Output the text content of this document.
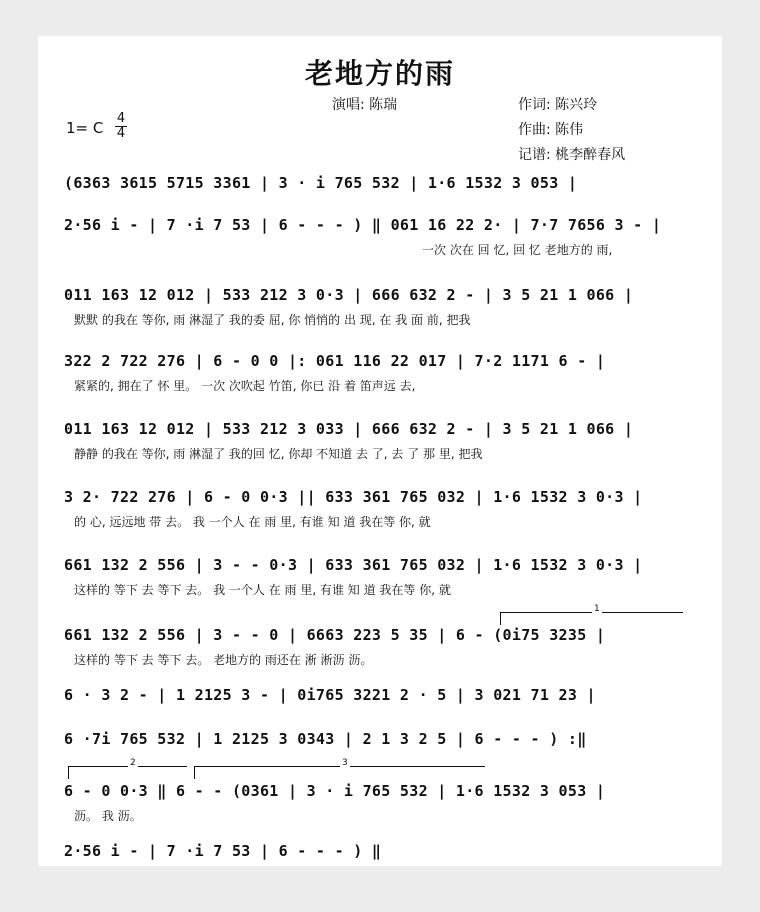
老地方的雨
演唱: 陈瑞	作词: 陈兴玲
作曲: 陈伟
记谱: 桃李醉春风
1= C
4
4
(6363 3615 5715 3361 | 3 · i 765 532 | 1·6 1532 3 053 |
2·56 i - | 7 ·i 7 53 | 6 - - - ) ‖ 061 16 22 2· | 7·7 7656 3 - |
一次 次在 回 忆, 回 忆 老地方的 雨,
011 163 12 012 | 533 212 3 0·3 | 666 632 2 - | 3 5 21 1 066 |
默默 的我在 等你, 雨 淋湿了 我的委 屈, 你 悄悄的 出 现, 在 我 面 前, 把我
322 2 722 276 | 6 - 0 0 |: 061 116 22 017 | 7·2 1171 6 - |
紧紧的, 拥在了 怀 里。 一次 次吹起 竹笛, 你已 沿 着 笛声远 去,
011 163 12 012 | 533 212 3 033 | 666 632 2 - | 3 5 21 1 066 |
静静 的我在 等你, 雨 淋湿了 我的回 忆, 你却 不知道 去 了, 去 了 那 里, 把我
3 2· 722 276 | 6 - 0 0·3 || 633 361 765 032 | 1·6 1532 3 0·3 |
的 心, 远远地 带 去。 我 一个人 在 雨 里, 有谁 知 道 我在等 你, 就
661 132 2 556 | 3 - - 0·3 | 633 361 765 032 | 1·6 1532 3 0·3 |
这样的 等下 去 等下 去。 我 一个人 在 雨 里, 有谁 知 道 我在等 你, 就
1
661 132 2 556 | 3 - - 0 | 6663 223 5 35 | 6 - (0i75 3235 |
这样的 等下 去 等下 去。 老地方的 雨还在 淅 淅沥 沥。
6 · 3 2 - | 1 2125 3 - | 0i765 3221 2 · 5 | 3 021 71 23 |
6 ·7i 765 532 | 1 2125 3 0343 | 2 1 3 2 5 | 6 - - - ) :‖
2	3
6 - 0 0·3 ‖ 6 - - (0361 | 3 · i 765 532 | 1·6 1532 3 053 |
沥。 我 沥。
2·56 i - | 7 ·i 7 53 | 6 - - - ) ‖
